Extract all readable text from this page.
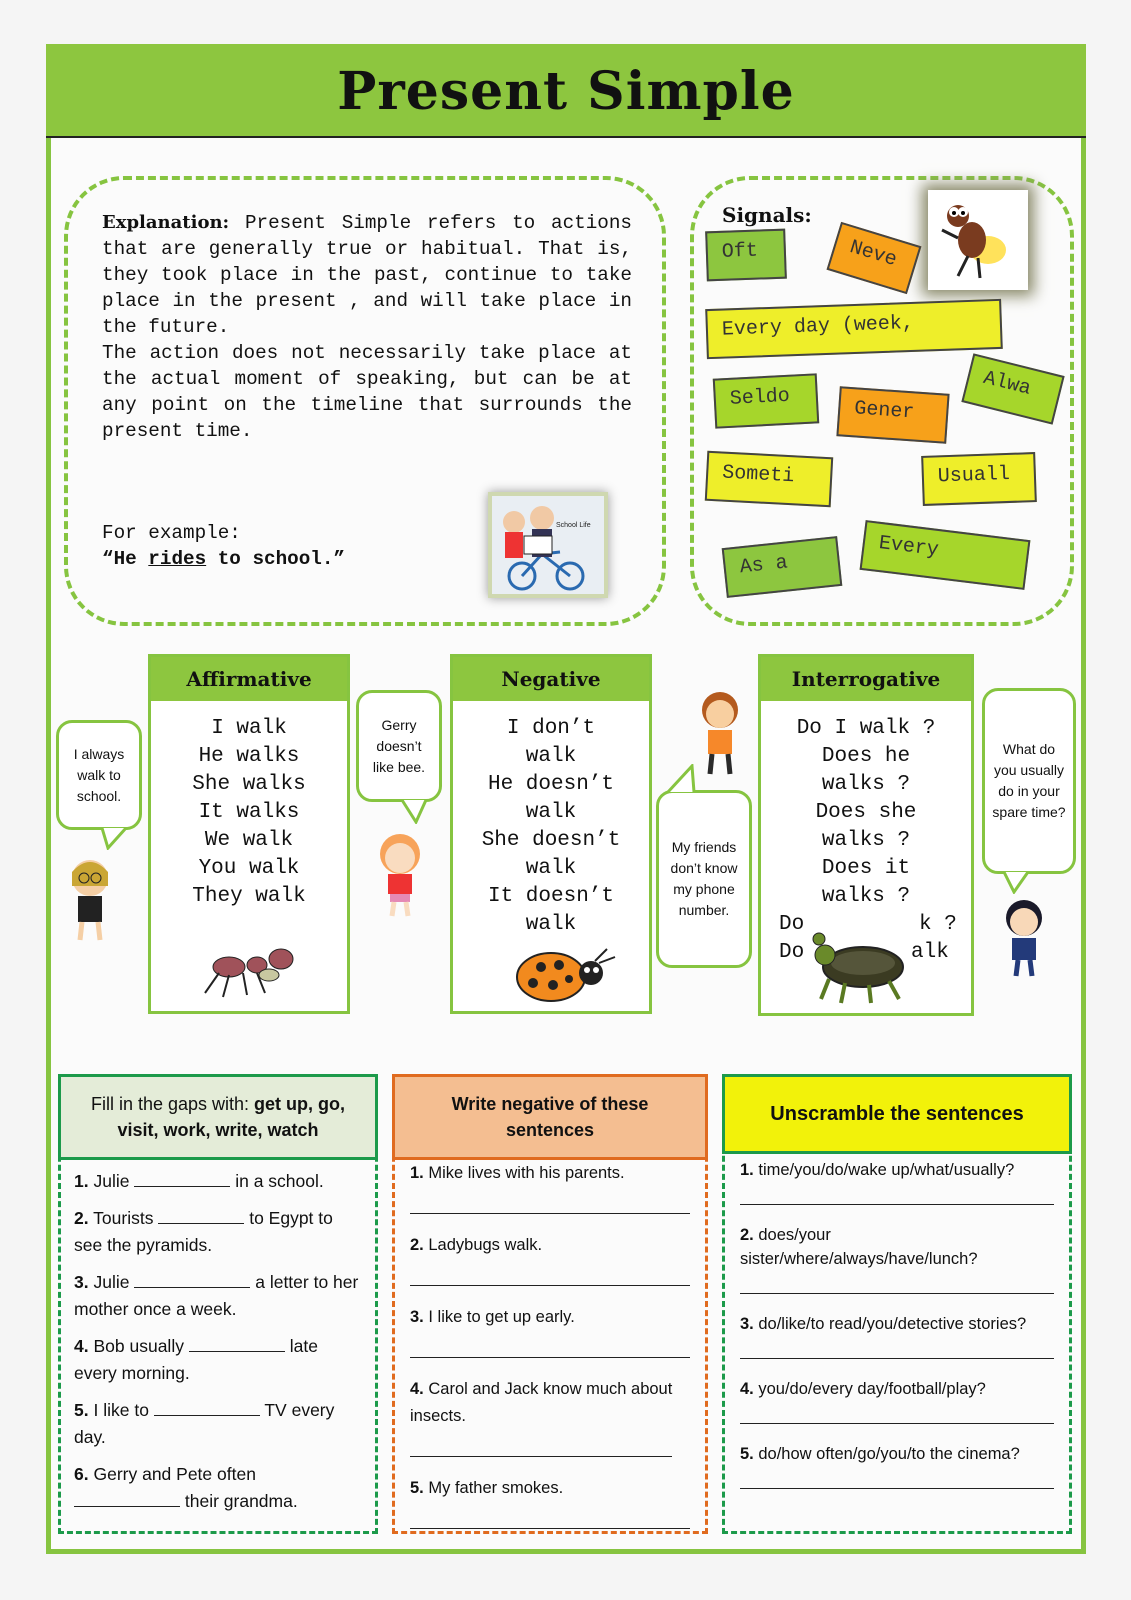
Present Simple
Explanation: Present Simple refers to actions that are generally true or habitual. That is, they took place in the past, continue to take place in the present , and will take place in the future.
The action does not necessarily take place at the actual moment of speaking, but can be at any point on the timeline that surrounds the present time.
For example:
“He rides to school.”
School Life
Signals:
Oft	Neve
Every day (week,
Alwa
Seldo	Gener
Someti	Usuall
Every
As a
Affirmative
I walk
He walks
She walks
It walks
We walk
You walk
They walk
Negative
I don’t
walk
He doesn’t
walk
She doesn’t
walk
It doesn’t
walk
Interrogative
Do I walk ?
Does he
walks ?
Does she
walks ?
Does it
walks ?
Do	k ?
Do	alk
I always walk to school.
Gerry doesn’t like bee.
My friends don’t know my phone number.
What do you usually do in your spare time?
Fill in the gaps with: get up, go, visit, work, write, watch
1. Julie	in a school.
2. Tourists	to Egypt to see the pyramids.
3. Julie	a letter to her mother once a week.
4. Bob usually	late every morning.
5. I like to	TV every day.
6. Gerry and Pete often  their grandma.
Write negative of these sentences
1. Mike lives with his parents.
2. Ladybugs walk.
3. I like to get up early.
4. Carol and Jack know much about insects.
5. My father smokes.
Unscramble the sentences
1. time/you/do/wake up/what/usually?
2. does/your sister/where/always/have/lunch?
3. do/like/to read/you/detective stories?
4. you/do/every day/football/play?
5. do/how often/go/you/to the cinema?
